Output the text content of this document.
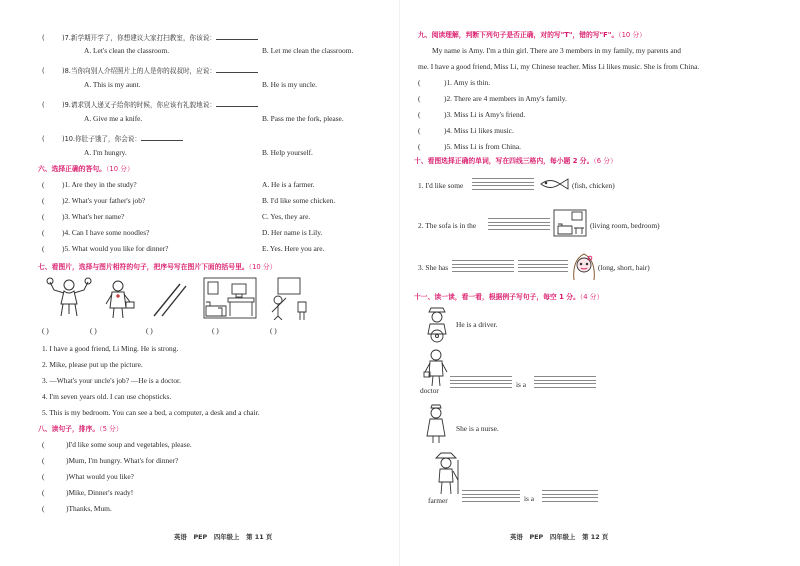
(	)7.新学期开学了，你想建议大家打扫教室，你该说：
A. Let's clean the classroom.	B. Let me clean the classroom.
(	)8.当你向别人介绍照片上的人是你的叔叔时，应说：
A. This is my aunt.	B. He is my uncle.
(	)9.请求别人递叉子给你的时候，你应该有礼貌地说：
A. Give me a knife.	B. Pass me the fork, please.
(	)10.你肚子饿了，你会说：
A. I'm hungry.	B. Help yourself.
六、选择正确的答句。（10 分）
( )1. Are they in the study?	A. He is a farmer.
( )2. What's your father's job?	B. I'd like some chicken.
( )3. What's her name?	C. Yes, they are.
( )4. Can I have some noodles?	D. Her name is Lily.
( )5. What would you like for dinner?	E. Yes. Here you are.
七、看图片，选择与图片相符的句子，把序号写在图片下面的括号里。（10 分）
( )	( )	( )	( )	( )
1. I have a good friend, Li Ming. He is strong.
2. Mike, please put up the picture.
3. —What's your uncle's job? —He is a doctor.
4. I'm seven years old. I can use chopsticks.
5. This is my bedroom. You can see a bed, a computer, a desk and a chair.
八、读句子，排序。（5 分）
(	)I'd like some soup and vegetables, please.
(	)Mum, I'm hungry. What's for dinner?
(	)What would you like?
(	)Mike, Dinner's ready!
(	)Thanks, Mum.
英语 PEP 四年级上 第 11 页
九、阅读理解，判断下列句子是否正确，对的写"T"，错的写"F"。（10 分）
My name is Amy. I'm a thin girl. There are 3 members in my family, my parents and
me. I have a good friend, Miss Li, my Chinese teacher. Miss Li likes music. She is from China.
(	)1. Amy is thin.
(	)2. There are 4 members in Amy's family.
(	)3. Miss Li is Amy's friend.
(	)4. Miss Li likes music.
(	)5. Miss Li is from China.
十、看图选择正确的单词，写在四线三格内，每小题 2 分。（6 分）
1. I'd like some	(fish, chicken)
2. The sofa is in the	(living room, bedroom)
3. She has	(long, short, hair)
十一、读一读，看一看，根据例子写句子，每空 1 分。（4 分）
He is a driver.
doctor
is a
She is a nurse.
farmer	is a
英语 PEP 四年级上 第 12 页
